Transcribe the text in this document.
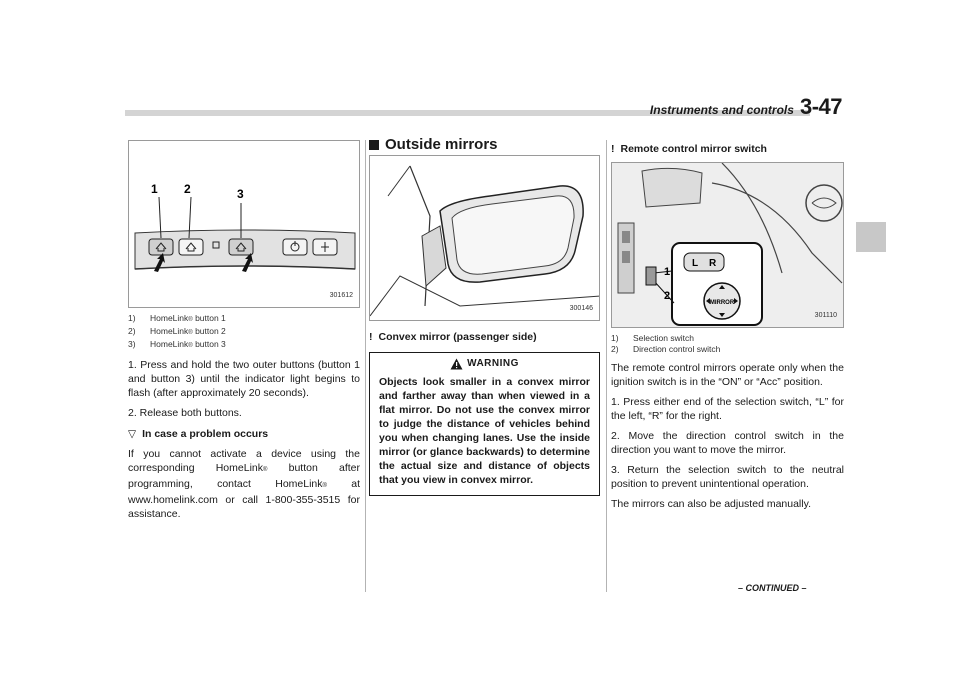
Instruments and controls 3-47
1 2	3
301612
1)	HomeLink® button 1
2)	HomeLink® button 2
3)	HomeLink® button 3

1. Press and hold the two outer buttons (button 1 and button 3) until the indicator light begins to flash (after approximately 20 seconds).

2. Release both buttons.

▽ In case a problem occurs

If you cannot activate a device using the corresponding HomeLink® button after programming, contact HomeLink® at www.homelink.com or call 1-800-355-3515 for assistance.

Outside mirrors
300146
! Convex mirror (passenger side)
WARNING

Objects look smaller in a convex mirror and farther away than when viewed in a flat mirror. Do not use the convex mirror to judge the distance of vehicles behind you when changing lanes. Use the inside mirror (or glance backwards) to determine the actual size and distance of objects that you view in convex mirror.

! Remote control mirror switch
L R
MIRROR
1
2
301110
1)	Selection switch
2)	Direction control switch

The remote control mirrors operate only when the ignition switch is in the “ON” or “Acc” position.

1. Press either end of the selection switch, “L” for the left, “R” for the right.

2. Move the direction control switch in the direction you want to move the mirror.

3. Return the selection switch to the neutral position to prevent unintentional operation.

The mirrors can also be adjusted manually.

– CONTINUED –
